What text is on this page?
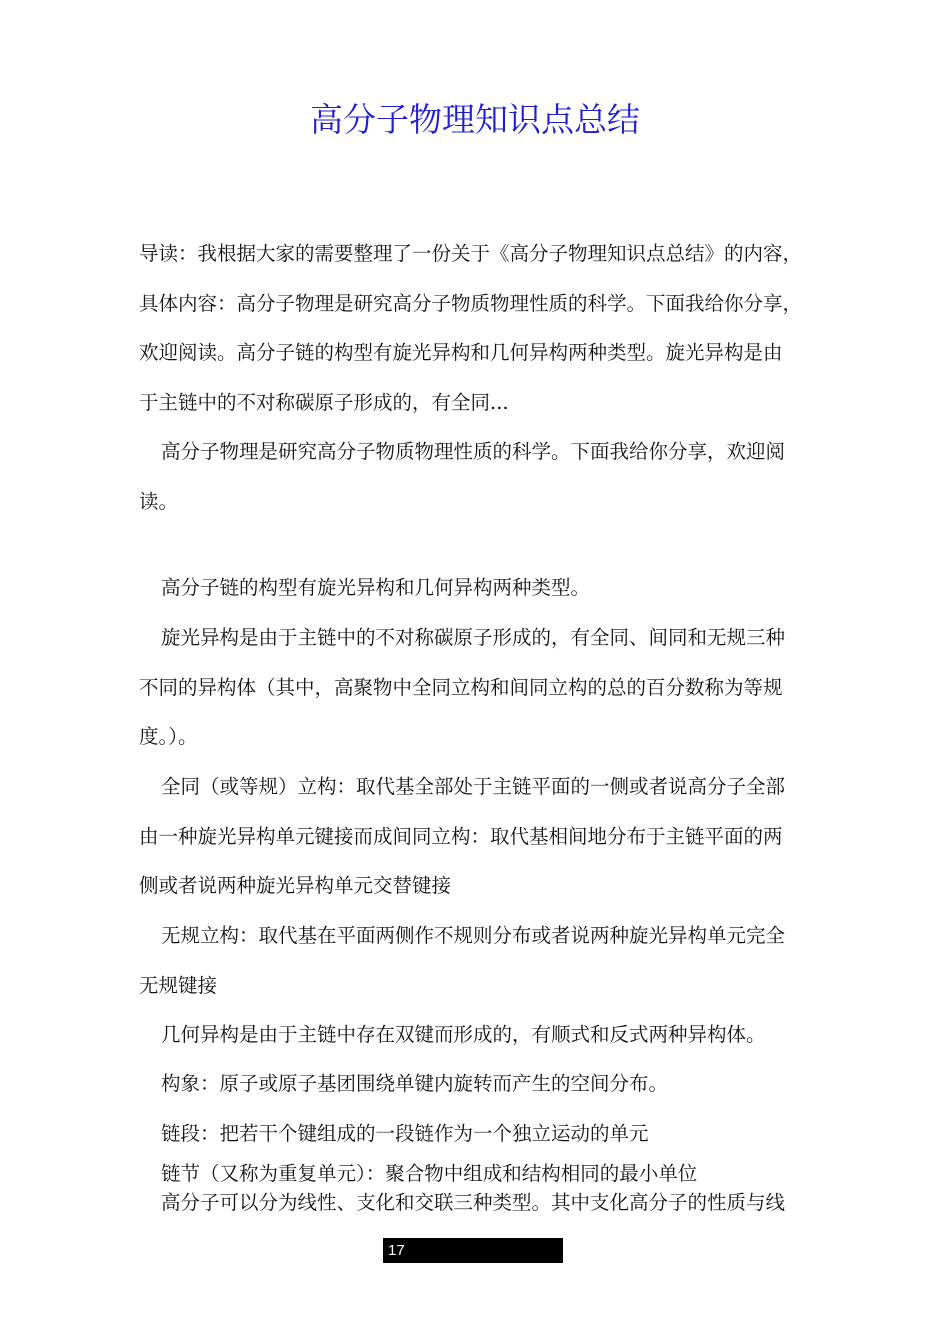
高分子物理知识点总结

导读：我根据大家的需要整理了一份关于《高分子物理知识点总结》的内容，
具体内容：高分子物理是研究高分子物质物理性质的科学。下面我给你分享，
欢迎阅读。高分子链的构型有旋光异构和几何异构两种类型。旋光异构是由
于主链中的不对称碳原子形成的，有全同...

高分子物理是研究高分子物质物理性质的科学。下面我给你分享，欢迎阅
读。

高分子链的构型有旋光异构和几何异构两种类型。

旋光异构是由于主链中的不对称碳原子形成的，有全同、间同和无规三种
不同的异构体（其中，高聚物中全同立构和间同立构的总的百分数称为等规
度。）。

全同（或等规）立构：取代基全部处于主链平面的一侧或者说高分子全部
由一种旋光异构单元键接而成间同立构：取代基相间地分布于主链平面的两
侧或者说两种旋光异构单元交替键接

无规立构：取代基在平面两侧作不规则分布或者说两种旋光异构单元完全
无规键接

几何异构是由于主链中存在双键而形成的，有顺式和反式两种异构体。

构象：原子或原子基团围绕单键内旋转而产生的空间分布。

链段：把若干个键组成的一段链作为一个独立运动的单元

链节（又称为重复单元）：聚合物中组成和结构相同的最小单位

高分子可以分为线性、支化和交联三种类型。其中支化高分子的性质与线

17
